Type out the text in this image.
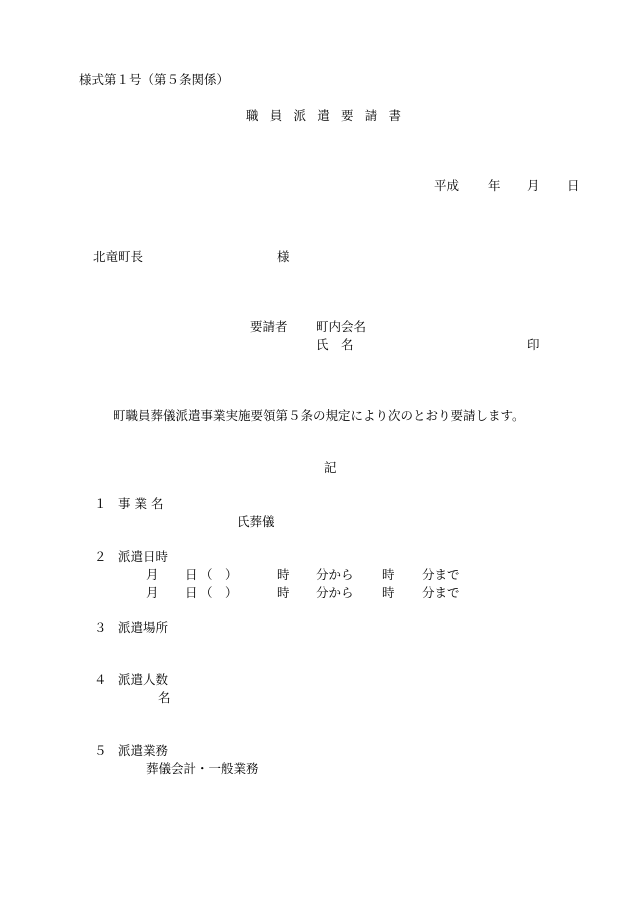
様式第１号（第５条関係）
職員派遣要請書
平成 年 月 日
北竜町長	様
要請者 町内会名
氏　名	印
町職員葬儀派遣事業実施要領第５条の規定により次のとおり要請します。
記
１ 事 業 名
氏葬儀
２ 派遣日時
月 日 （　）	時 分から 時 分まで
月 日 （　）	時 分から 時 分まで
３ 派遣場所
４ 派遣人数
名
５ 派遣業務
葬儀会計・一般業務
